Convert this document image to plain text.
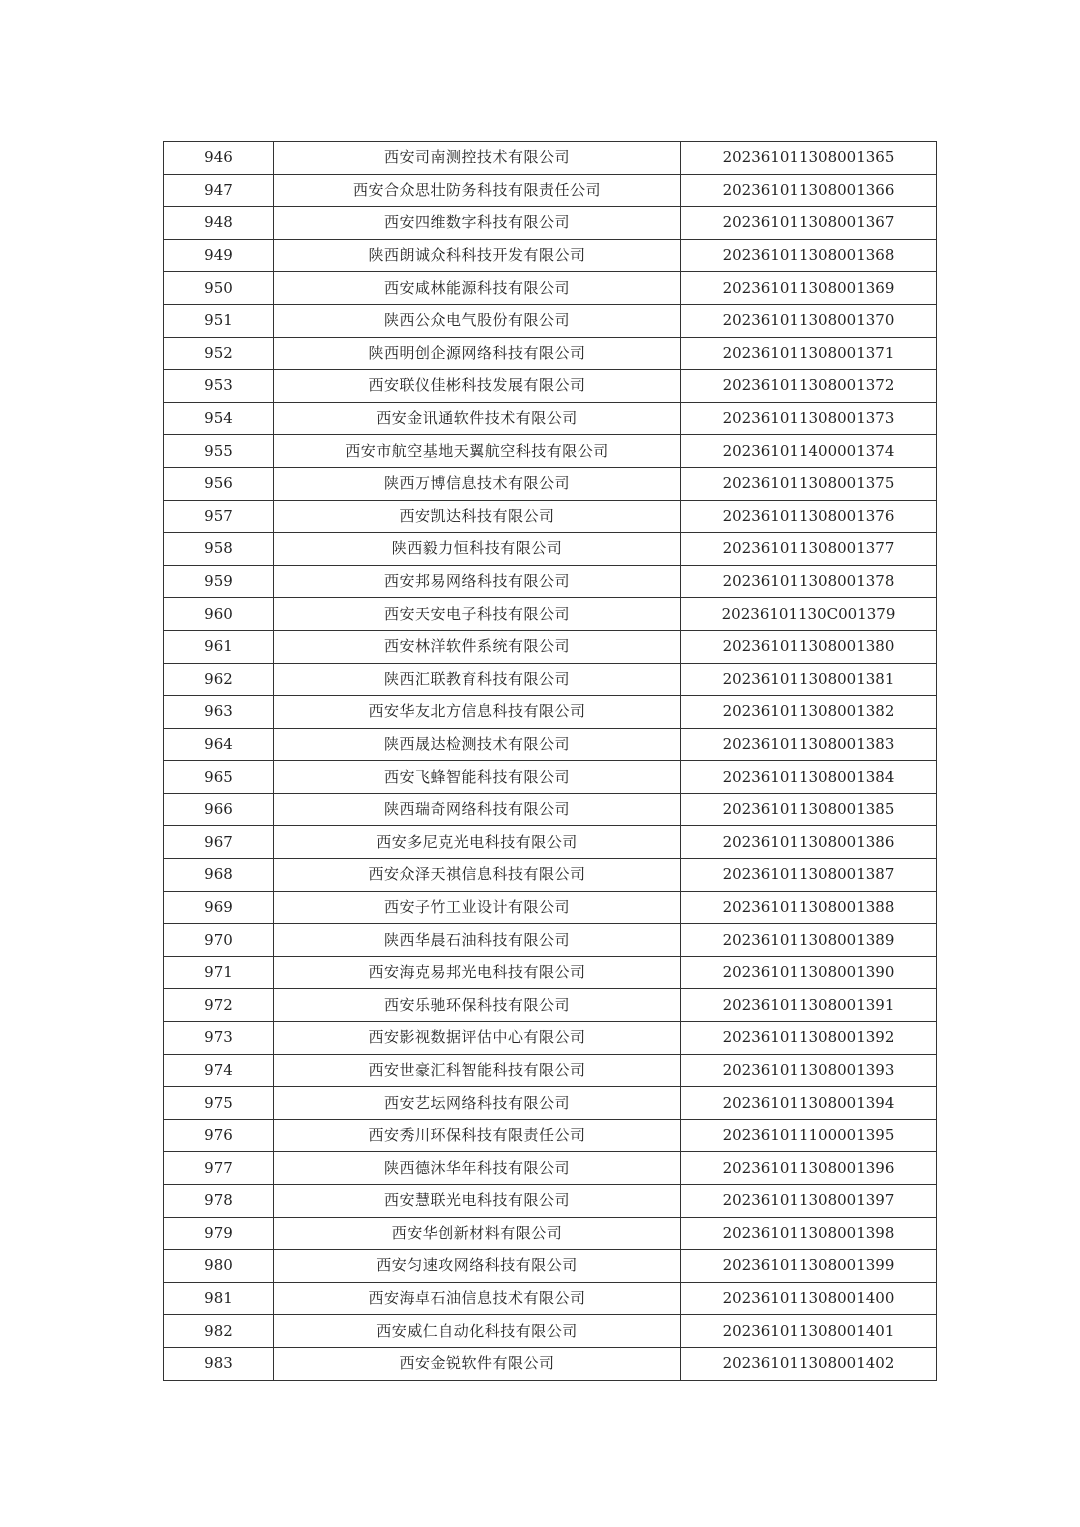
946	西安司南测控技术有限公司	202361011308001365
947	西安合众思壮防务科技有限责任公司	202361011308001366
948	西安四维数字科技有限公司	202361011308001367
949	陕西朗诚众科科技开发有限公司	202361011308001368
950	西安咸林能源科技有限公司	202361011308001369
951	陕西公众电气股份有限公司	202361011308001370
952	陕西明创企源网络科技有限公司	202361011308001371
953	西安联仪佳彬科技发展有限公司	202361011308001372
954	西安金讯通软件技术有限公司	202361011308001373
955	西安市航空基地天翼航空科技有限公司	202361011400001374
956	陕西万博信息技术有限公司	202361011308001375
957	西安凯达科技有限公司	202361011308001376
958	陕西毅力恒科技有限公司	202361011308001377
959	西安邦易网络科技有限公司	202361011308001378
960	西安天安电子科技有限公司	20236101130C001379
961	西安林洋软件系统有限公司	202361011308001380
962	陕西汇联教育科技有限公司	202361011308001381
963	西安华友北方信息科技有限公司	202361011308001382
964	陕西晟达检测技术有限公司	202361011308001383
965	西安飞蜂智能科技有限公司	202361011308001384
966	陕西瑞奇网络科技有限公司	202361011308001385
967	西安多尼克光电科技有限公司	202361011308001386
968	西安众泽天祺信息科技有限公司	202361011308001387
969	西安子竹工业设计有限公司	202361011308001388
970	陕西华晨石油科技有限公司	202361011308001389
971	西安海克易邦光电科技有限公司	202361011308001390
972	西安乐驰环保科技有限公司	202361011308001391
973	西安影视数据评估中心有限公司	202361011308001392
974	西安世豪汇科智能科技有限公司	202361011308001393
975	西安艺坛网络科技有限公司	202361011308001394
976	西安秀川环保科技有限责任公司	202361011100001395
977	陕西德沐华年科技有限公司	202361011308001396
978	西安慧联光电科技有限公司	202361011308001397
979	西安华创新材料有限公司	202361011308001398
980	西安匀速攻网络科技有限公司	202361011308001399
981	西安海卓石油信息技术有限公司	202361011308001400
982	西安威仁自动化科技有限公司	202361011308001401
983	西安金锐软件有限公司	202361011308001402
